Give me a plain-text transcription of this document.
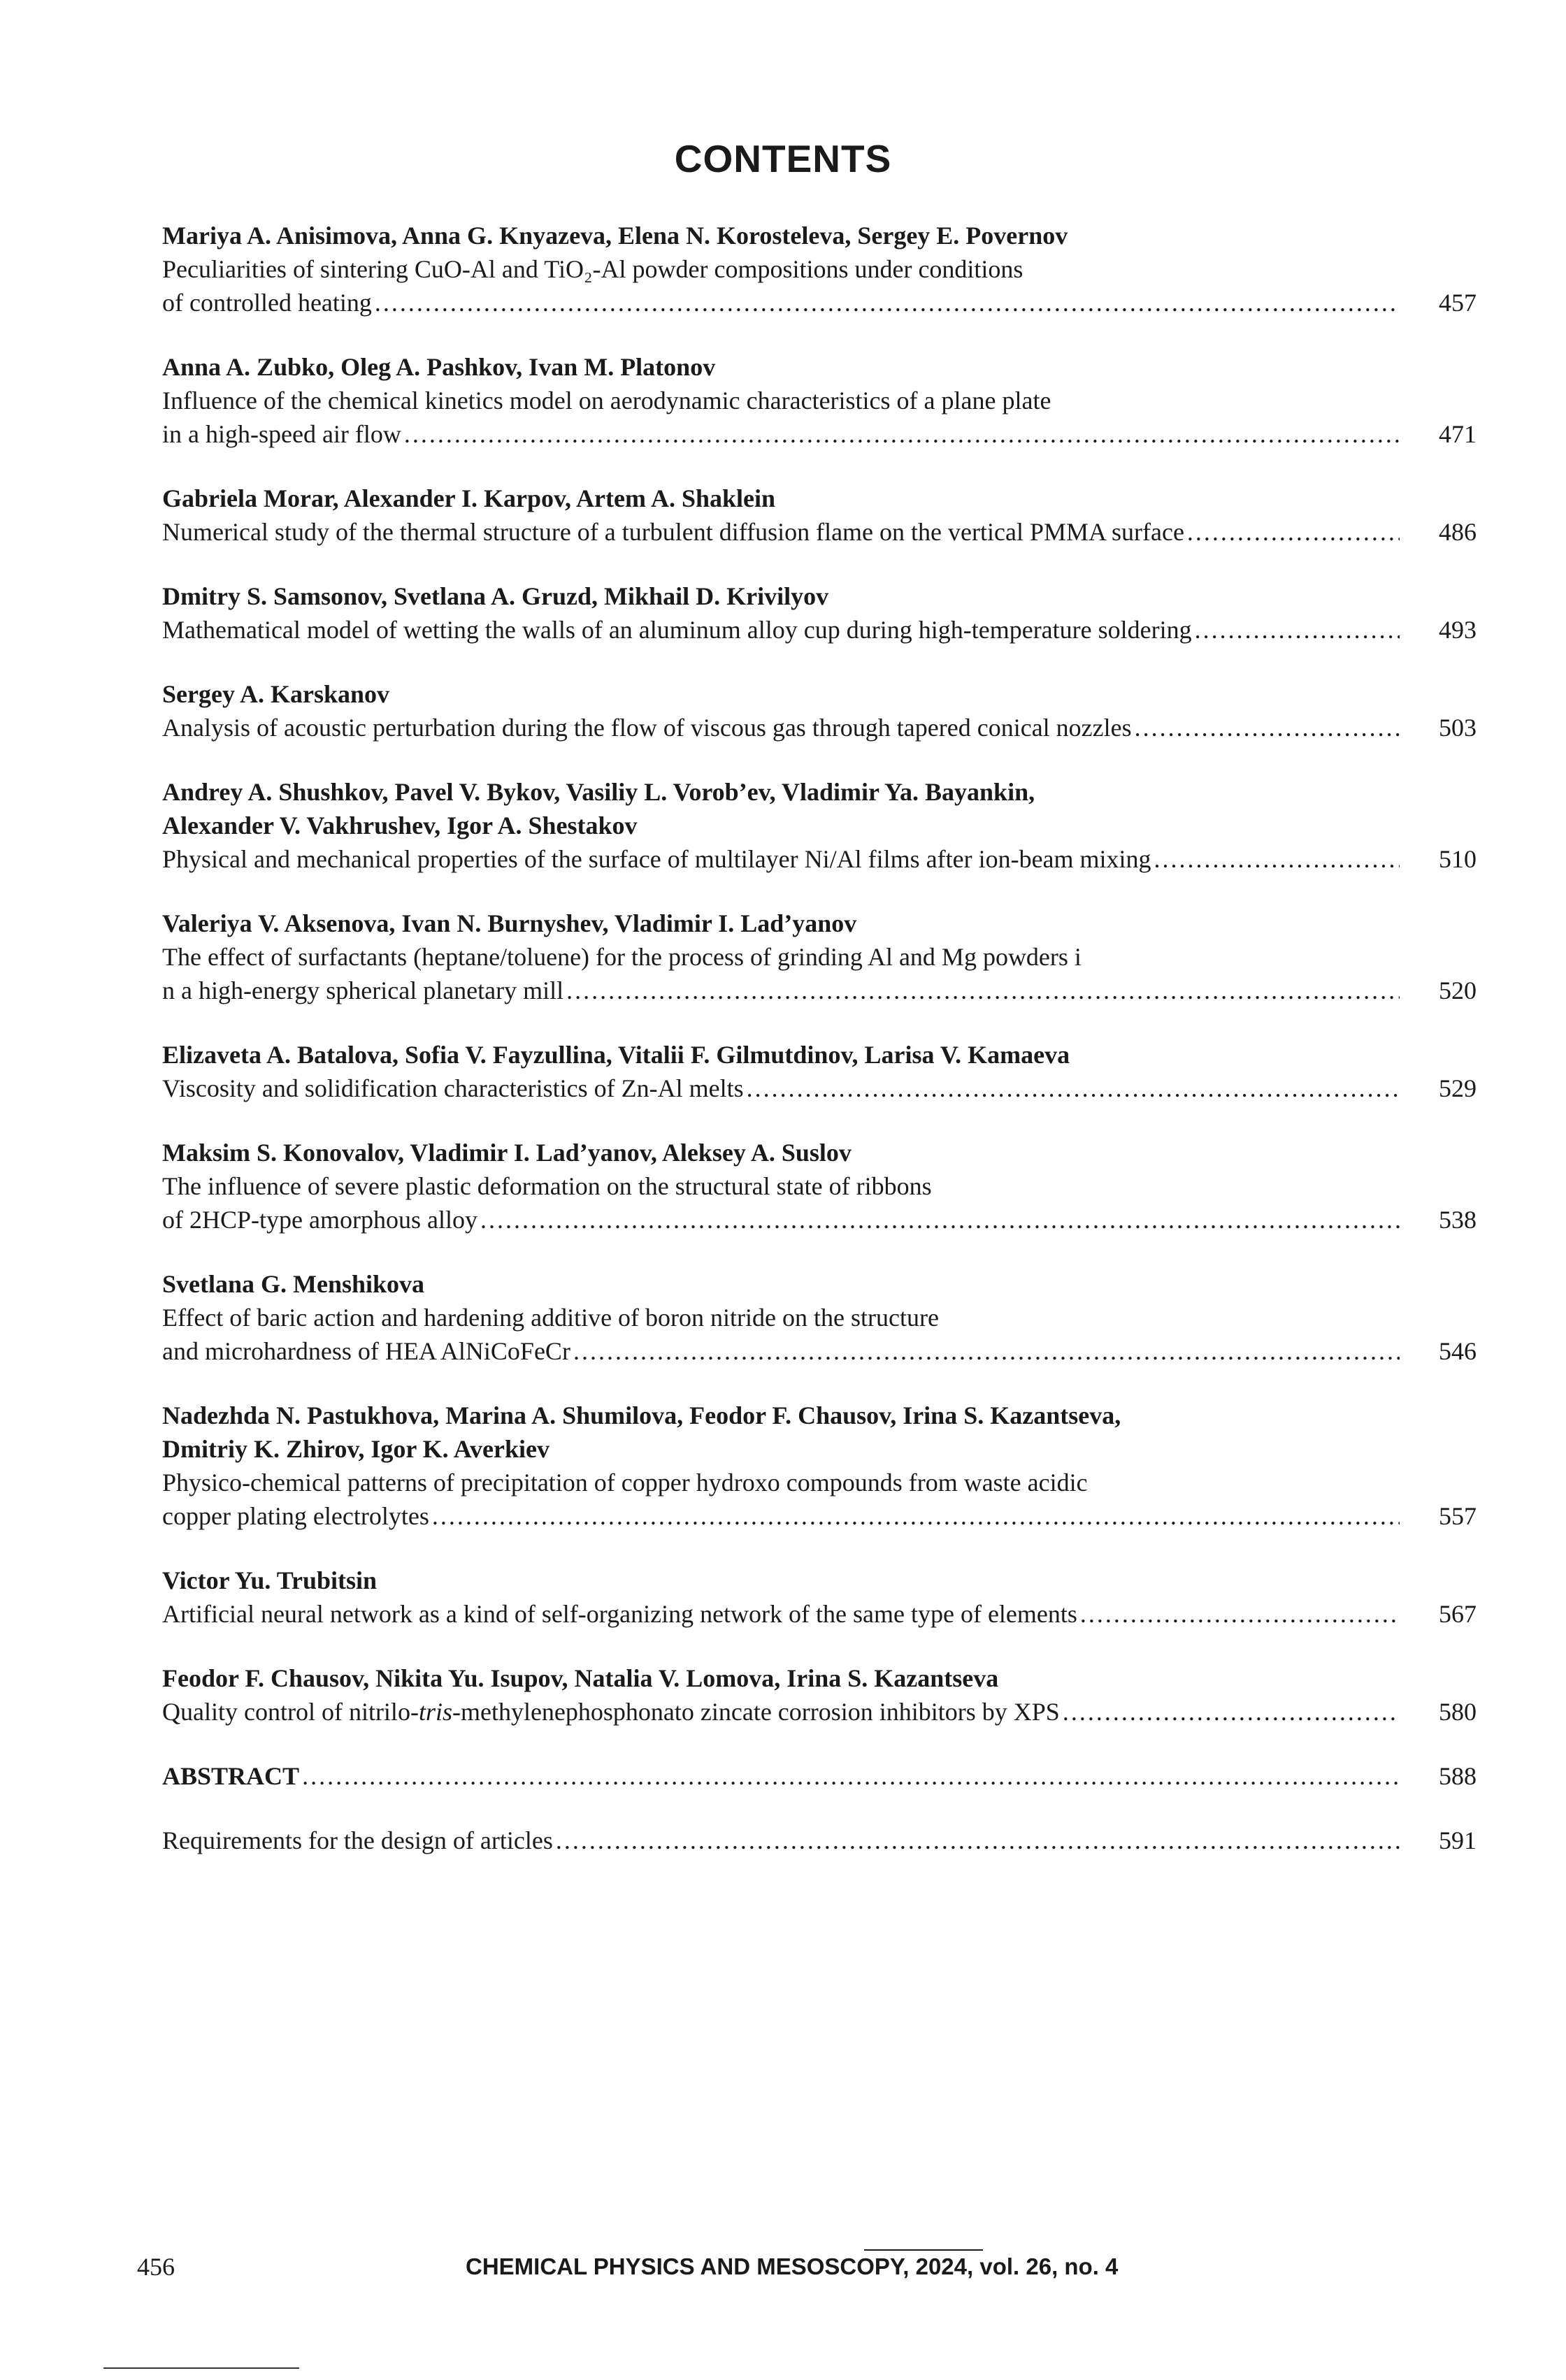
CONTENTS
Mariya A. Anisimova, Anna G. Knyazeva, Elena N. Korosteleva, Sergey E. Povernov
Peculiarities of sintering CuO-Al and TiO₂-Al powder compositions under conditions
of controlled heating .....	457
Anna A. Zubko, Oleg A. Pashkov, Ivan M. Platonov
Influence of the chemical kinetics model on aerodynamic characteristics of a plane plate
in a high-speed air flow .....	471
Gabriela Morar, Alexander I. Karpov, Artem A. Shaklein
Numerical study of the thermal structure of a turbulent diffusion flame on the vertical PMMA surface .....	486
Dmitry S. Samsonov, Svetlana A. Gruzd, Mikhail D. Krivilyov
Mathematical model of wetting the walls of an aluminum alloy cup during high-temperature soldering .....	493
Sergey A. Karskanov
Analysis of acoustic perturbation during the flow of viscous gas through tapered conical nozzles .....	503
Andrey A. Shushkov, Pavel V. Bykov, Vasiliy L. Vorob’ev, Vladimir Ya. Bayankin,
Alexander V. Vakhrushev, Igor A. Shestakov
Physical and mechanical properties of the surface of multilayer Ni/Al films after ion-beam mixing .....	510
Valeriya V. Aksenova, Ivan N. Burnyshev, Vladimir I. Lad’yanov
The effect of surfactants (heptane/toluene) for the process of grinding Al and Mg powders i
n a high-energy spherical planetary mill .....	520
Elizaveta A. Batalova, Sofia V. Fayzullina, Vitalii F. Gilmutdinov, Larisa V. Kamaeva
Viscosity and solidification characteristics of Zn-Al melts .....	529
Maksim S. Konovalov, Vladimir I. Lad’yanov, Aleksey A. Suslov
The influence of severe plastic deformation on the structural state of ribbons
of 2HCP-type amorphous alloy .....	538
Svetlana G. Menshikova
Effect of baric action and hardening additive of boron nitride on the structure
and microhardness of HEA AlNiCoFeCr .....	546
Nadezhda N. Pastukhova, Marina A. Shumilova, Feodor F. Chausov, Irina S. Kazantseva,
Dmitriy K. Zhirov, Igor K. Averkiev
Physico-chemical patterns of precipitation of copper hydroxo compounds from waste acidic
copper plating electrolytes .....	557
Victor Yu. Trubitsin
Artificial neural network as a kind of self-organizing network of the same type of elements .....	567
Feodor F. Chausov, Nikita Yu. Isupov, Natalia V. Lomova, Irina S. Kazantseva
Quality control of nitrilo-tris-methylenephosphonato zincate corrosion inhibitors by XPS .....	580
ABSTRACT .....	588
Requirements for the design of articles .....	591
456	CHEMICAL PHYSICS AND MESOSCOPY, 2024, vol. 26, no. 4
